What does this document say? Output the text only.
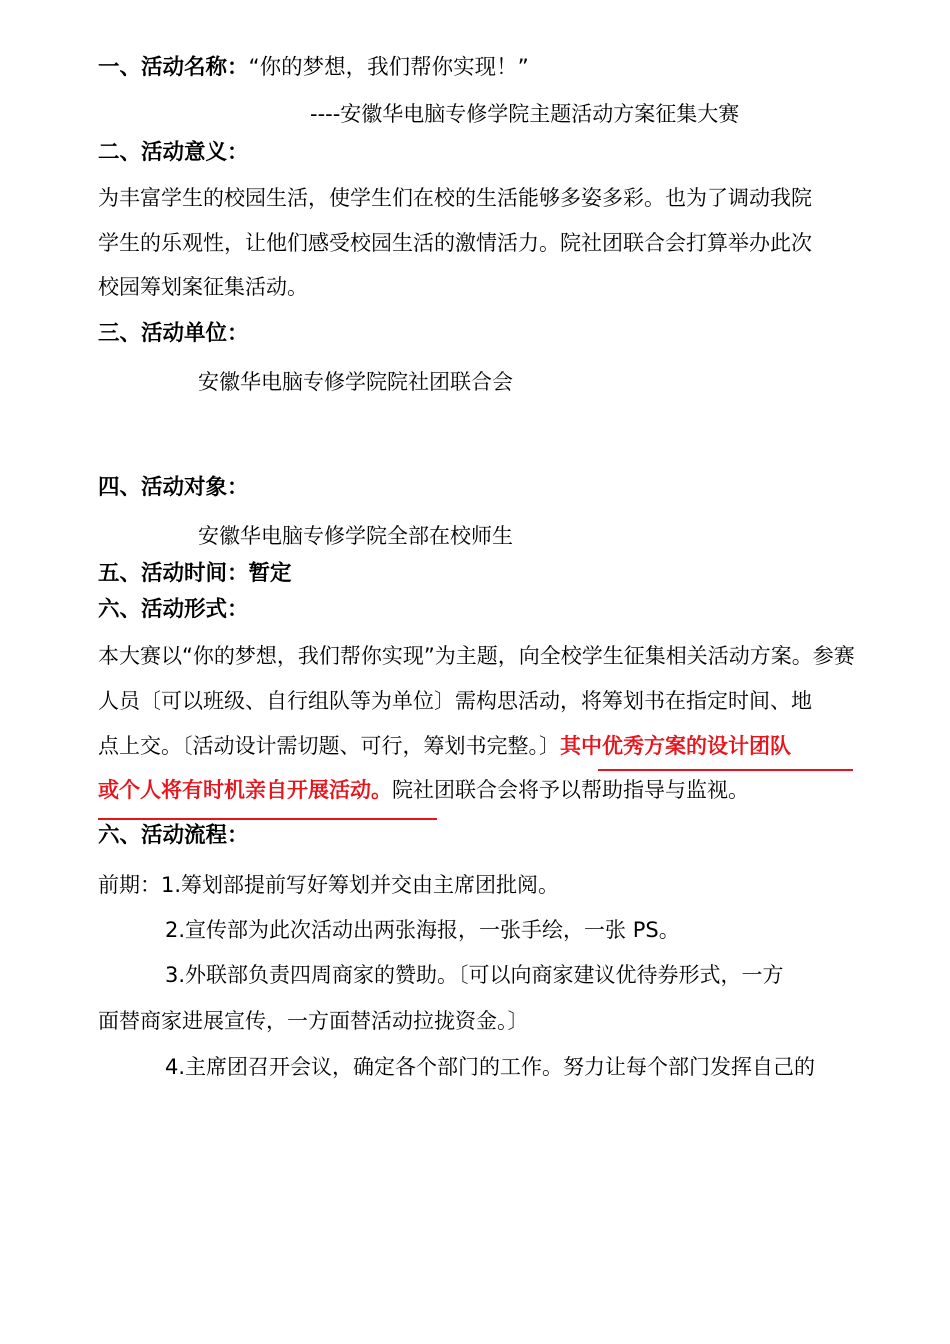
一、活动名称：“你的梦想，我们帮你实现！”
----安徽华电脑专修学院主题活动方案征集大赛
二、活动意义：
为丰富学生的校园生活，使学生们在校的生活能够多姿多彩。也为了调动我院
学生的乐观性，让他们感受校园生活的激情活力。院社团联合会打算举办此次
校园筹划案征集活动。
三、活动单位：
安徽华电脑专修学院院社团联合会
四、活动对象：
安徽华电脑专修学院全部在校师生
五、活动时间：暂定
六、活动形式：
本大赛以“你的梦想，我们帮你实现”为主题，向全校学生征集相关活动方案。参赛
人员〔可以班级、自行组队等为单位〕需构思活动，将筹划书在指定时间、地
点上交。〔活动设计需切题、可行，筹划书完整。〕其中优秀方案的设计团队
或个人将有时机亲自开展活动。院社团联合会将予以帮助指导与监视。
六、活动流程：
前期：1.筹划部提前写好筹划并交由主席团批阅。
2.宣传部为此次活动出两张海报，一张手绘，一张 PS。
3.外联部负责四周商家的赞助。〔可以向商家建议优待券形式，一方
面替商家进展宣传，一方面替活动拉拢资金。〕
4.主席团召开会议，确定各个部门的工作。努力让每个部门发挥自己的
